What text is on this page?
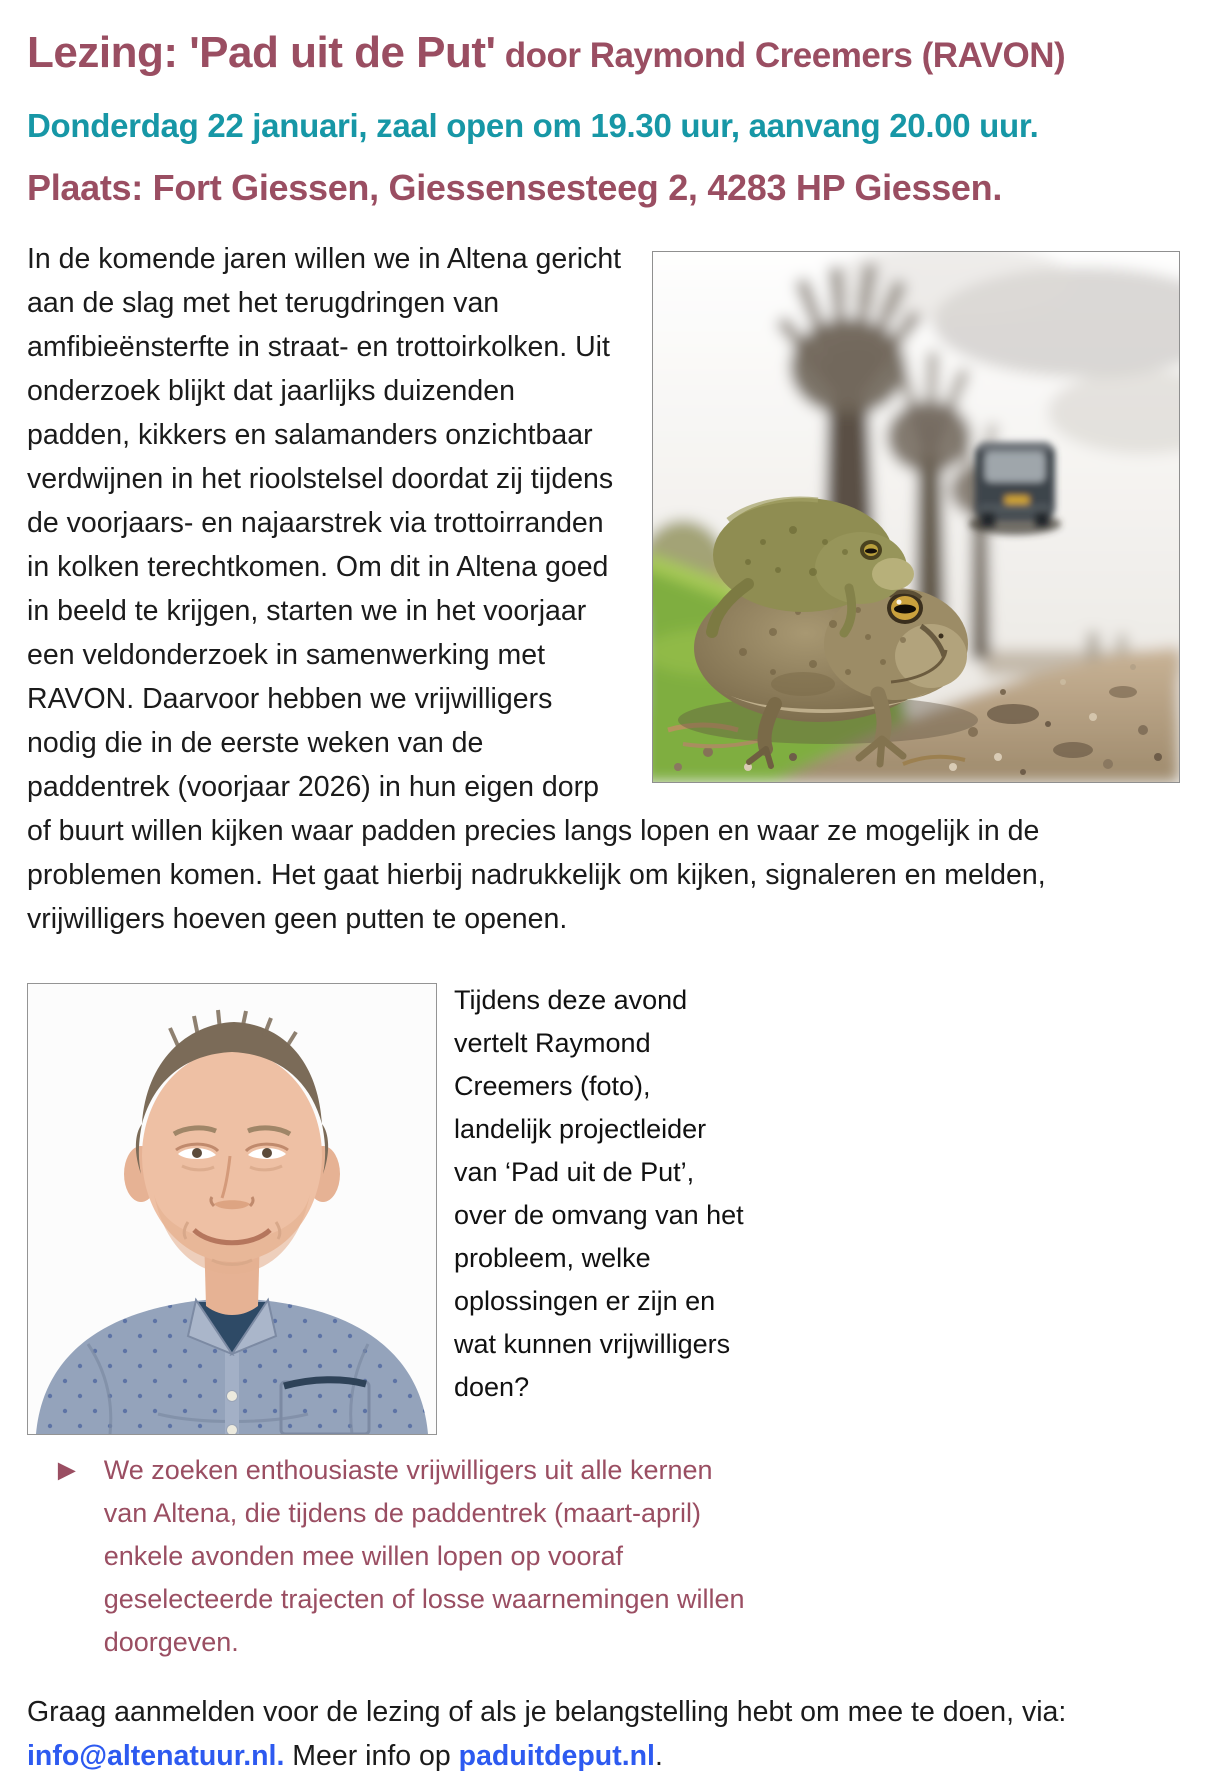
Lezing: 'Pad uit de Put' door Raymond Creemers (RAVON)

Donderdag 22 januari, zaal open om 19.30 uur, aanvang 20.00 uur.

Plaats: Fort Giessen, Giessensesteeg 2, 4283 HP Giessen.

In de komende jaren willen we in Altena gericht aan de slag met het terugdringen van amfibieënsterfte in straat- en trottoirkolken. Uit onderzoek blijkt dat jaarlijks duizenden padden, kikkers en salamanders onzichtbaar verdwijnen in het rioolstelsel doordat zij tijdens de voorjaars- en najaarstrek via trottoirranden in kolken terechtkomen. Om dit in Altena goed in beeld te krijgen, starten we in het voorjaar een veldonderzoek in samenwerking met RAVON. Daarvoor hebben we vrijwilligers nodig die in de eerste weken van de paddentrek (voorjaar 2026) in hun eigen dorp of buurt willen kijken waar padden precies langs lopen en waar ze mogelijk in de problemen komen. Het gaat hierbij nadrukkelijk om kijken, signaleren en melden, vrijwilligers hoeven geen putten te openen.

Tijdens deze avond vertelt Raymond Creemers (foto), landelijk projectleider van ‘Pad uit de Put’, over de omvang van het probleem, welke oplossingen er zijn en wat kunnen vrijwilligers doen?

► We zoeken enthousiaste vrijwilligers uit alle kernen van Altena, die tijdens de paddentrek (maart-april) enkele avonden mee willen lopen op vooraf geselecteerde trajecten of losse waarnemingen willen doorgeven.

Graag aanmelden voor de lezing of als je belangstelling hebt om mee te doen, via: info@altenatuur.nl. Meer info op paduitdeput.nl.
